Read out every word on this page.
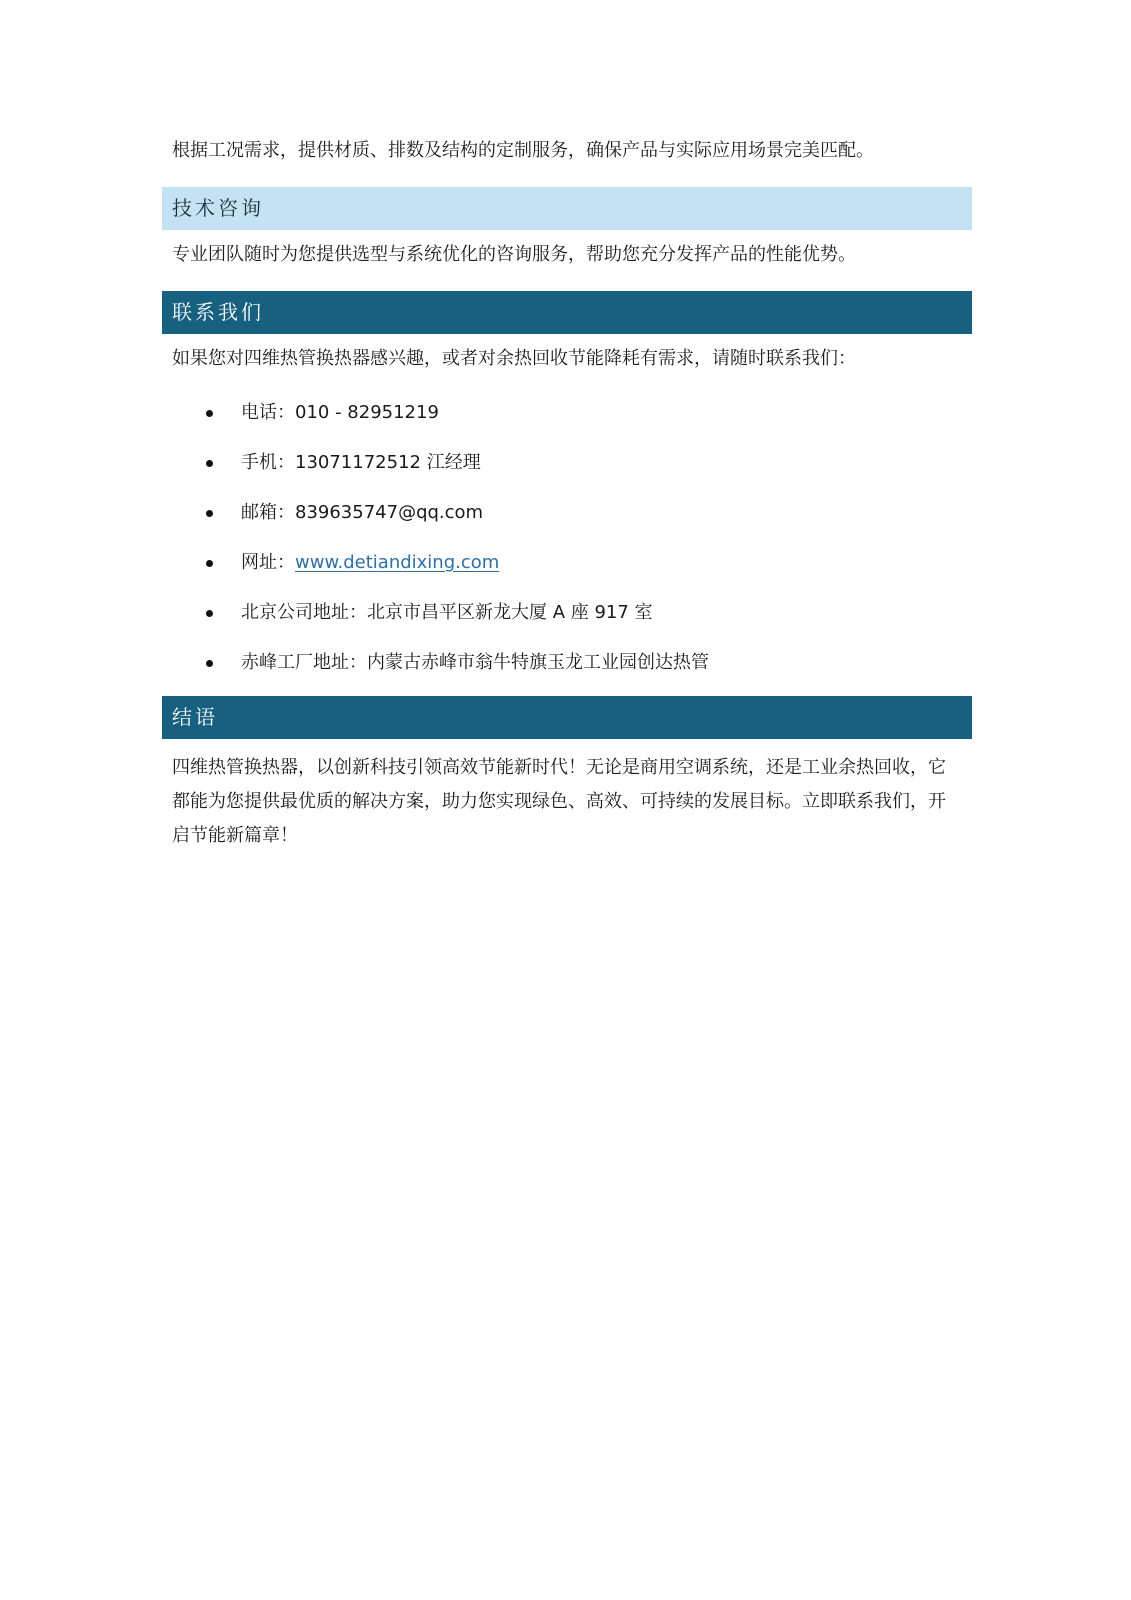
根据工况需求，提供材质、排数及结构的定制服务，确保产品与实际应用场景完美匹配。

技术咨询

专业团队随时为您提供选型与系统优化的咨询服务，帮助您充分发挥产品的性能优势。

联系我们

如果您对四维热管换热器感兴趣，或者对余热回收节能降耗有需求，请随时联系我们：

电话：010 - 82951219
手机：13071172512 江经理
邮箱：839635747@qq.com
网址：www.detiandixing.com
北京公司地址：北京市昌平区新龙大厦 A 座 917 室
赤峰工厂地址：内蒙古赤峰市翁牛特旗玉龙工业园创达热管
结语

四维热管换热器，以创新科技引领高效节能新时代！无论是商用空调系统，还是工业余热回收，它都能为您提供最优质的解决方案，助力您实现绿色、高效、可持续的发展目标。立即联系我们，开启节能新篇章！
